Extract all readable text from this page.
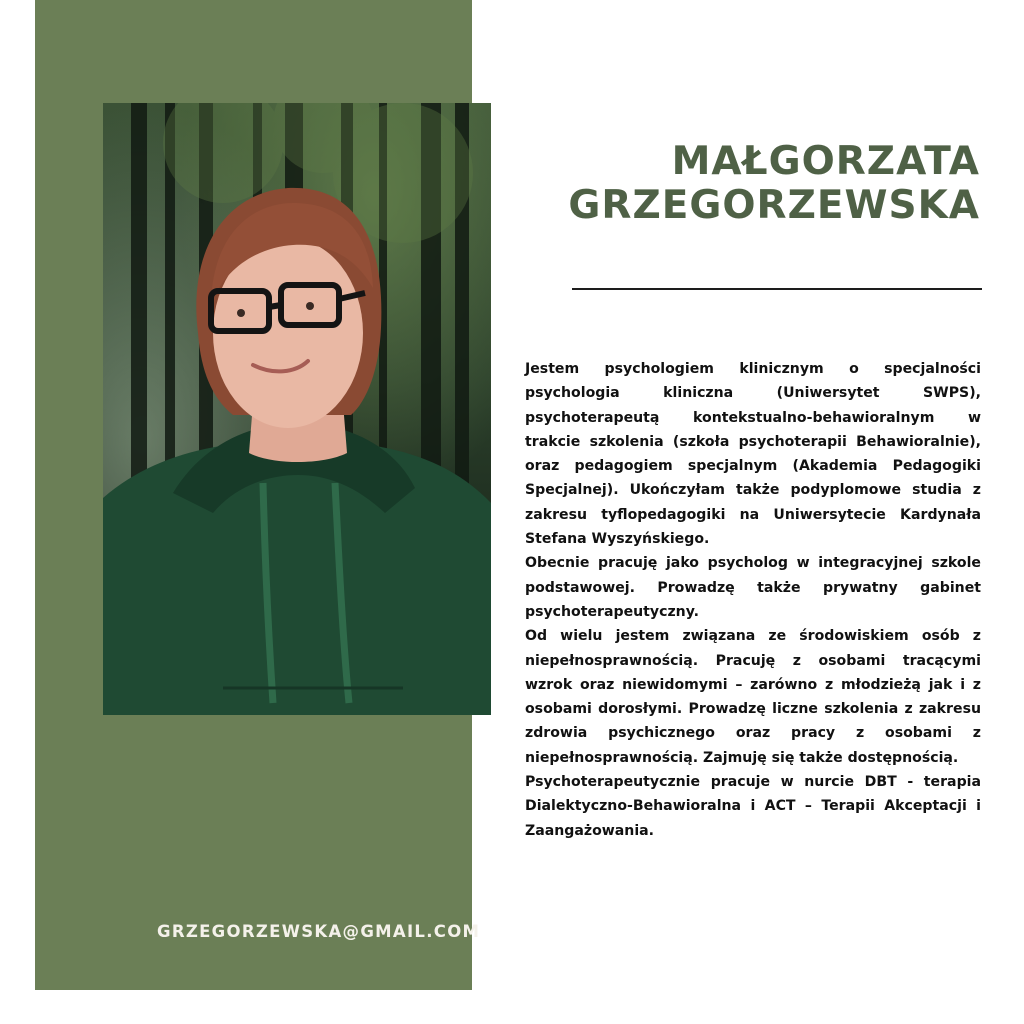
MAŁGORZATA
GRZEGORZEWSKA

Jestem psychologiem klinicznym o specjalności psychologia kliniczna (Uniwersytet SWPS), psychoterapeutą kontekstualno-behawioralnym w trakcie szkolenia (szkoła psychoterapii Behawioralnie), oraz pedagogiem specjalnym (Akademia Pedagogiki Specjalnej). Ukończyłam także podyplomowe studia z zakresu tyflopedagogiki na Uniwersytecie Kardynała Stefana Wyszyńskiego.

Obecnie pracuję jako psycholog w integracyjnej szkole podstawowej. Prowadzę także prywatny gabinet psychoterapeutyczny.

Od wielu jestem związana ze środowiskiem osób z niepełnosprawnością. Pracuję z osobami tracącymi wzrok oraz niewidomymi – zarówno z młodzieżą jak i z osobami dorosłymi. Prowadzę liczne szkolenia z zakresu zdrowia psychicznego oraz pracy z osobami z niepełnosprawnością. Zajmuję się także dostępnością.

Psychoterapeutycznie pracuje w nurcie DBT - terapia Dialektyczno-Behawioralna i ACT – Terapii Akceptacji i Zaangażowania.

GRZEGORZEWSKA@GMAIL.COM
